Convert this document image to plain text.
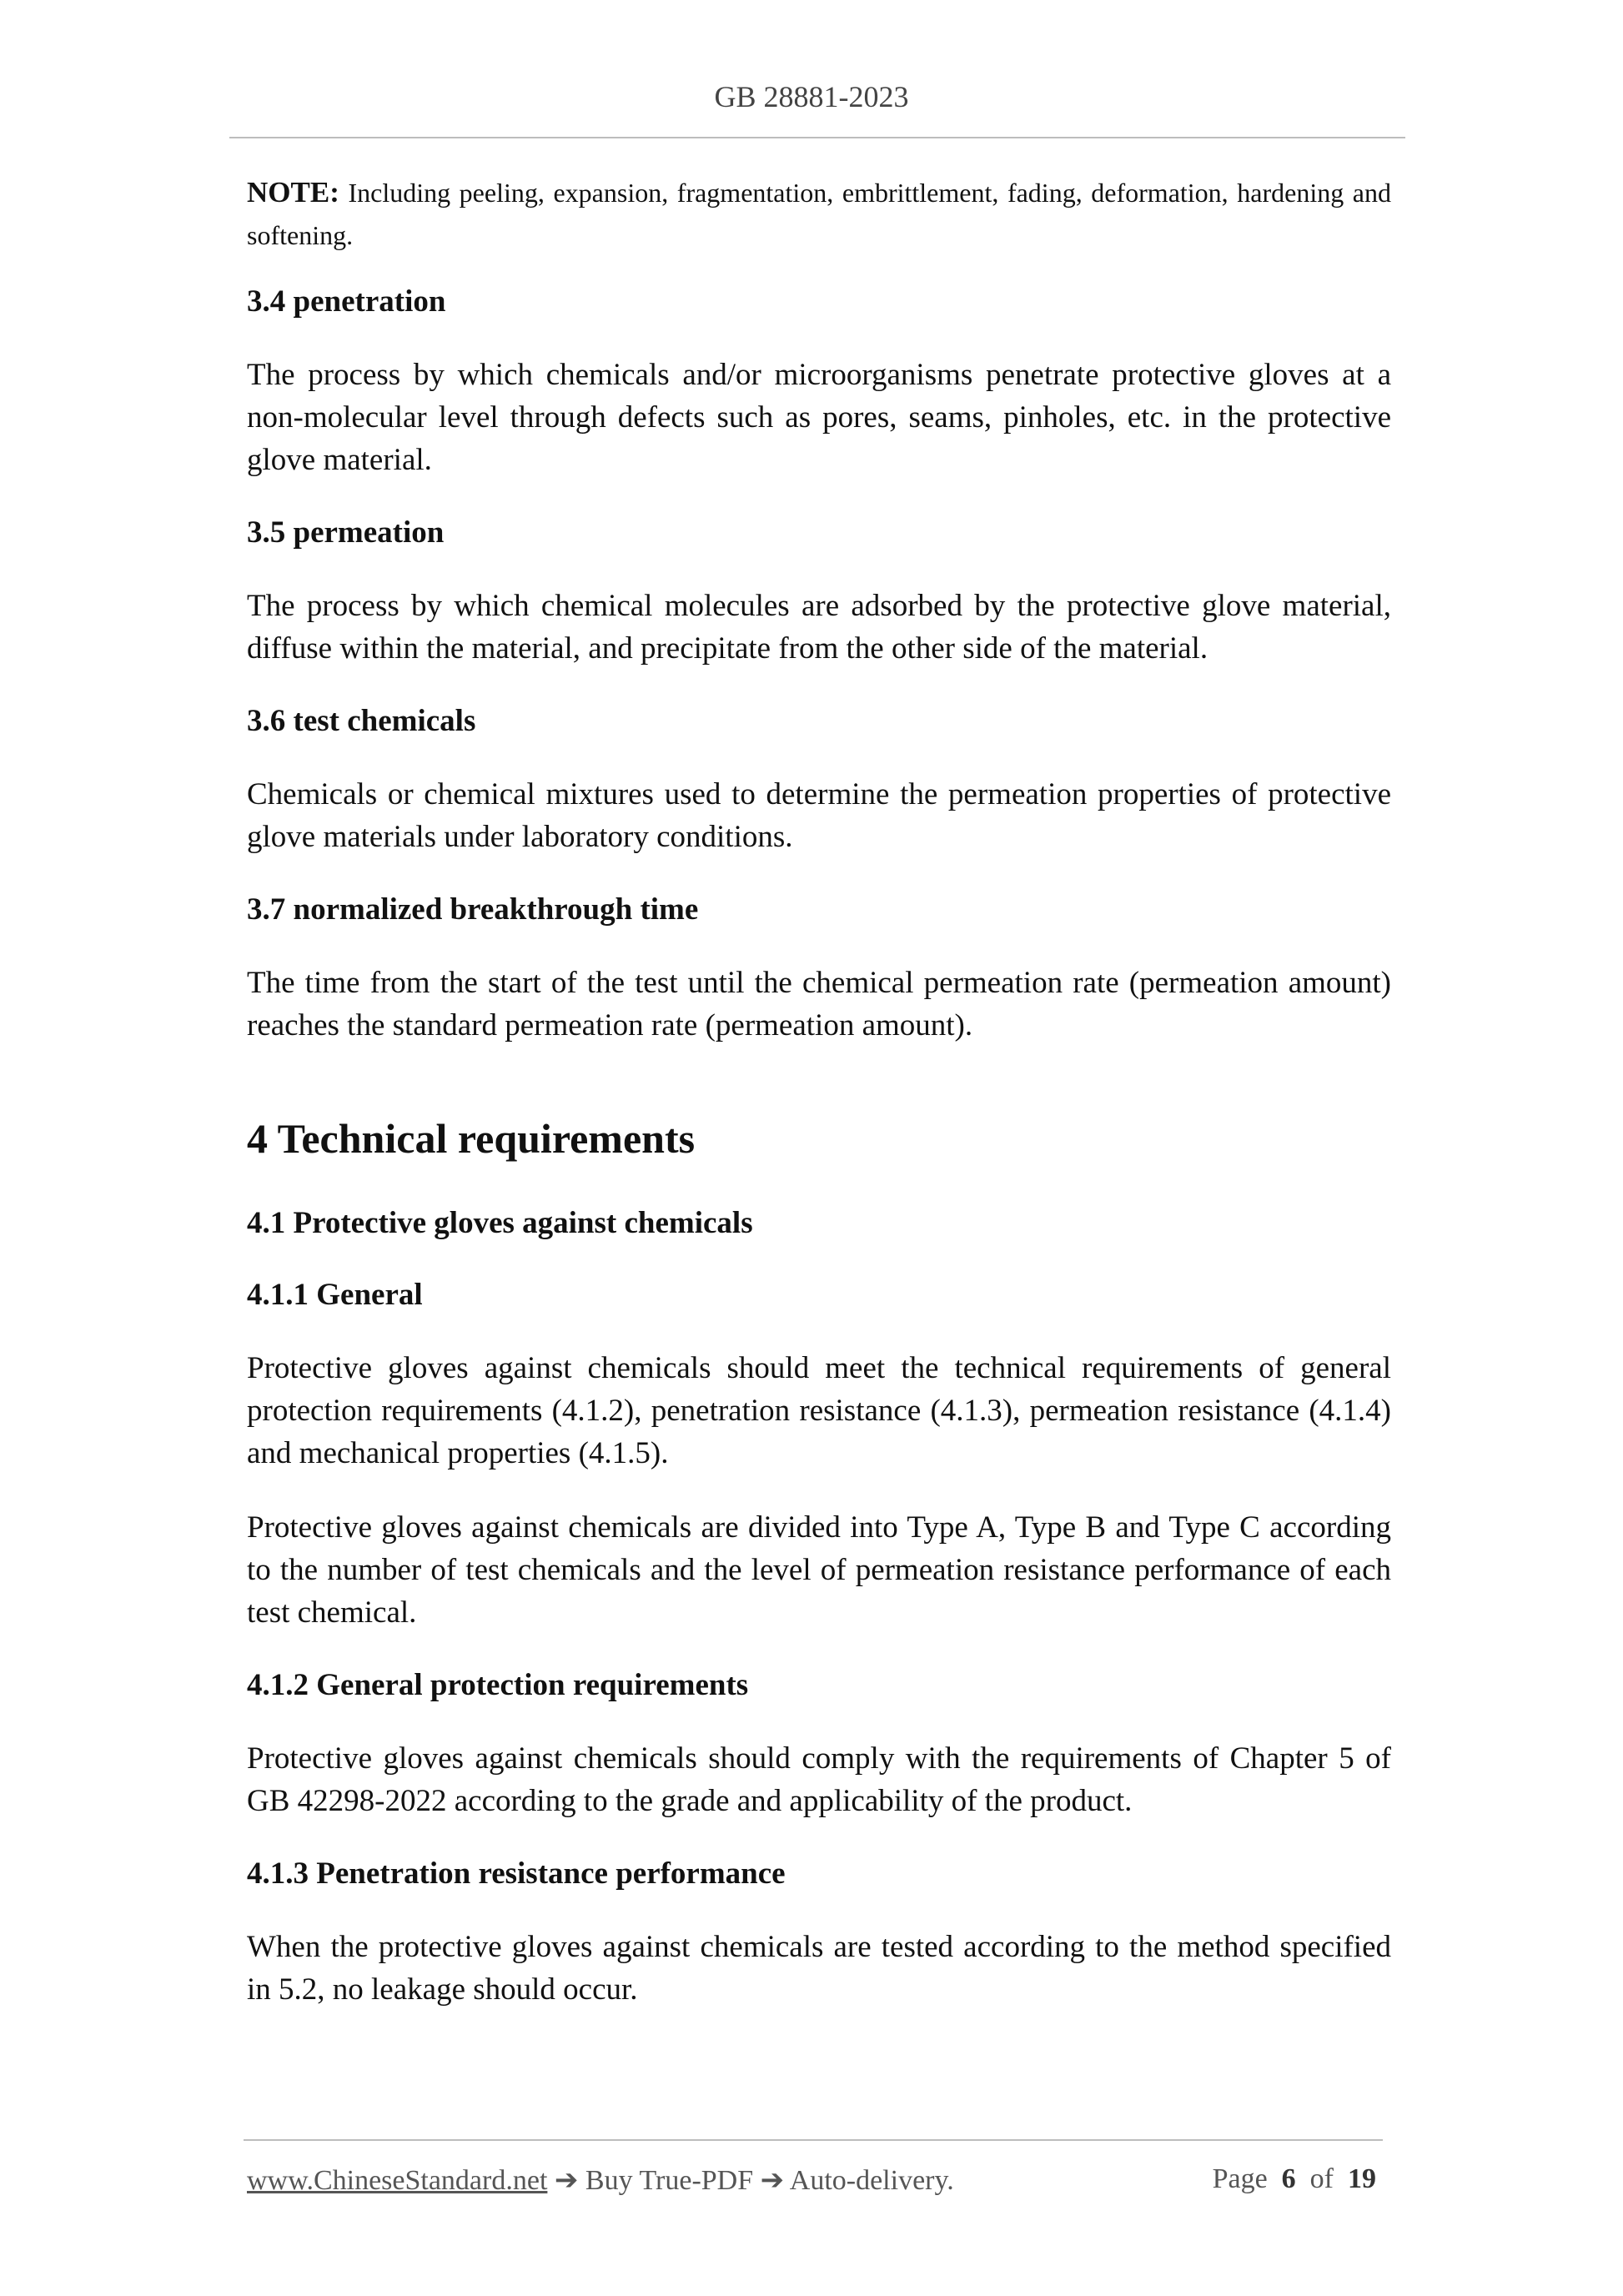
GB 28881-2023

NOTE: Including peeling, expansion, fragmentation, embrittlement, fading, deformation, hardening and softening.

3.4 penetration

The process by which chemicals and/or microorganisms penetrate protective gloves at a non-molecular level through defects such as pores, seams, pinholes, etc. in the protective glove material.

3.5 permeation

The process by which chemical molecules are adsorbed by the protective glove material, diffuse within the material, and precipitate from the other side of the material.

3.6 test chemicals

Chemicals or chemical mixtures used to determine the permeation properties of protective glove materials under laboratory conditions.

3.7 normalized breakthrough time

The time from the start of the test until the chemical permeation rate (permeation amount) reaches the standard permeation rate (permeation amount).

4 Technical requirements
4.1 Protective gloves against chemicals
4.1.1 General

Protective gloves against chemicals should meet the technical requirements of general protection requirements (4.1.2), penetration resistance (4.1.3), permeation resistance (4.1.4) and mechanical properties (4.1.5).

Protective gloves against chemicals are divided into Type A, Type B and Type C according to the number of test chemicals and the level of permeation resistance performance of each test chemical.

4.1.2 General protection requirements

Protective gloves against chemicals should comply with the requirements of Chapter 5 of GB 42298-2022 according to the grade and applicability of the product.

4.1.3 Penetration resistance performance

When the protective gloves against chemicals are tested according to the method specified in 5.2, no leakage should occur.

www.ChineseStandard.net ➔ Buy True-PDF ➔ Auto-delivery.	Page 6 of 19
